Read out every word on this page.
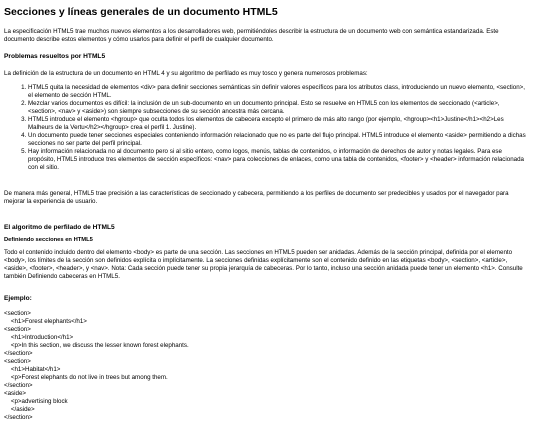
Secciones y líneas generales de un documento HTML5

La especificación HTML5 trae muchos nuevos elementos a los desarrolladores web, permitiéndoles describir la estructura de un documento web con semántica estandarizada. Este documento describe estos elementos y cómo usarlos para definir el perfil de cualquier documento.

Problemas resueltos por HTML5

La definición de la estructura de un documento en HTML 4 y su algoritmo de perfilado es muy tosco y genera numerosos problemas:

1. HTML5 quita la necesidad de elementos <div> para definir secciones semánticas sin definir valores específicos para los atributos class, introduciendo un nuevo elemento, <section>, el elemento de sección HTML.
2. Mezclar varios documentos es difícil: la inclusión de un sub-documento en un documento principal. Esto se resuelve en HTML5 con los elementos de seccionado (<article>, <section>, <nav> y <aside>) son siempre subsecciones de su sección ancestra más cercana.
3. HTML5 introduce el elemento <hgroup> que oculta todos los elementos de cabecera excepto el primero de más alto rango (por ejemplo, <hgroup><h1>Justine</h1><h2>Les Malheurs de la Vertu</h2></hgroup> crea el perfil 1. Justine).
4. Un documento puede tener secciones especiales conteniendo información relacionado que no es parte del flujo principal. HTML5 introduce el elemento <aside> permitiendo a dichas secciones no ser parte del perfil principal.
5. Hay información relacionada no al documento pero si al sitio entero, como logos, menús, tablas de contenidos, o información de derechos de autor y notas legales. Para ese propósito, HTML5 introduce tres elementos de sección específicos: <nav> para colecciones de enlaces, como una tabla de contenidos, <footer> y <header> información relacionada con el sitio.

De manera más general, HTML5 trae precisión a las características de seccionado y cabecera, permitiendo a los perfiles de documento ser predecibles y usados por el navegador para mejorar la experiencia de usuario.

El algoritmo de perfilado de HTML5
Definiendo secciones en HTML5

Todo el contenido incluido dentro del elemento <body> es parte de una sección. Las secciones en HTML5 pueden ser anidadas. Además de la sección principal, definida por el elemento <body>, los límites de la sección son definidos explícita o implícitamente. La secciones definidas explícitamente son el contenido definido en las etiquetas <body>, <section>, <article>, <aside>, <footer>, <header>, y <nav>. Nota: Cada sección puede tener su propia jerarquía de cabeceras. Por lo tanto, incluso una sección anidada puede tener un elemento <h1>. Consulte también Definiendo cabeceras en HTML5.

Ejemplo:
<section>
<h1>Forest elephants</h1>
<section>
<h1>Introduction</h1>
<p>In this section, we discuss the lesser known forest elephants.
</section>
<section>
<h1>Habitat</h1>
<p>Forest elephants do not live in trees but among them.
</section>
<aside>
<p>advertising block
</aside>
</section>
